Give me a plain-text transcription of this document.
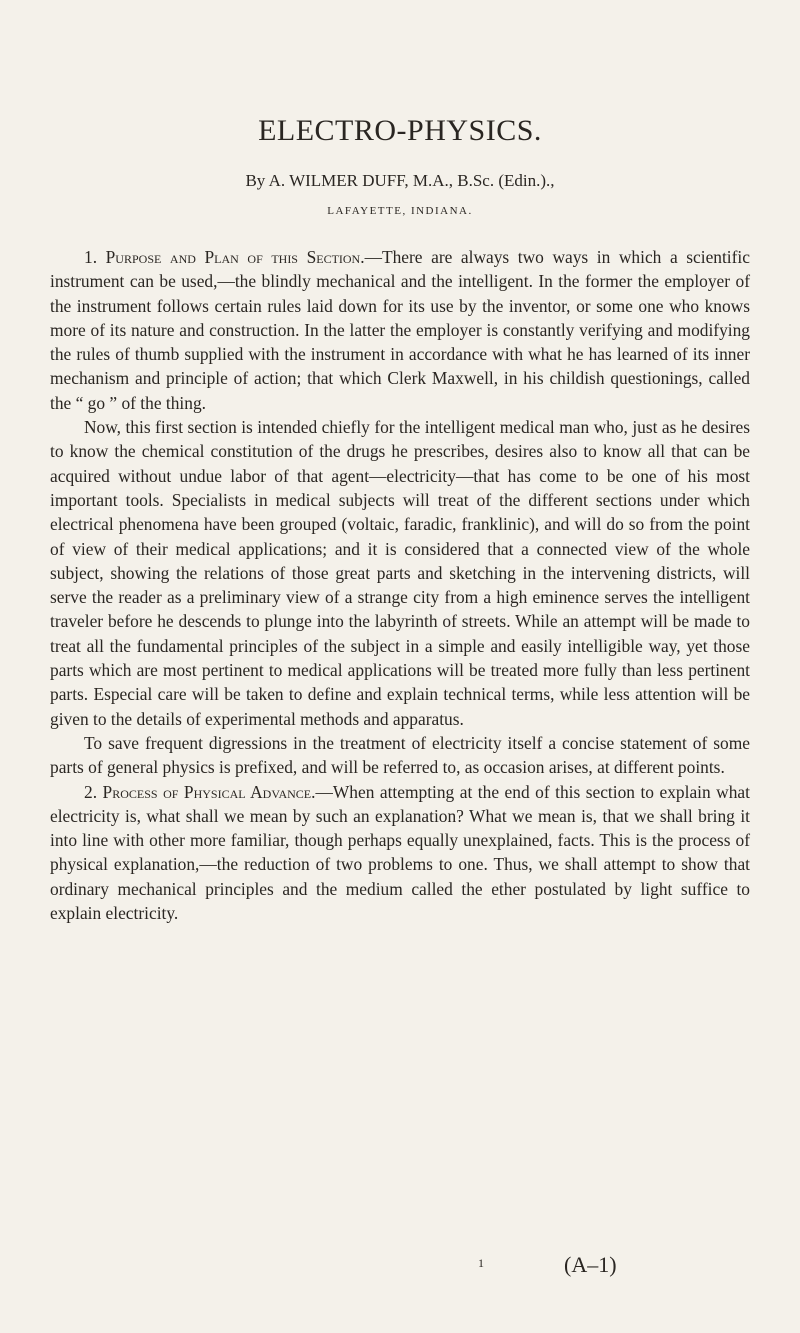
ELECTRO-PHYSICS.
By A. WILMER DUFF, M.A., B.Sc. (Edin.).,
LAFAYETTE, INDIANA.

1. Purpose and Plan of this Section.—There are always two ways in which a scientific instrument can be used,—the blindly mechanical and the intelligent. In the former the employer of the instrument follows certain rules laid down for its use by the inventor, or some one who knows more of its nature and construction. In the latter the employer is constantly verifying and modifying the rules of thumb supplied with the instrument in accordance with what he has learned of its inner mechanism and principle of action; that which Clerk Maxwell, in his childish questionings, called the “ go ” of the thing.

Now, this first section is intended chiefly for the intelligent medical man who, just as he desires to know the chemical constitution of the drugs he prescribes, desires also to know all that can be acquired without undue labor of that agent—electricity—that has come to be one of his most important tools. Specialists in medical subjects will treat of the different sections under which electrical phenomena have been grouped (voltaic, faradic, franklinic), and will do so from the point of view of their medical applications; and it is considered that a connected view of the whole subject, showing the relations of those great parts and sketching in the intervening districts, will serve the reader as a preliminary view of a strange city from a high eminence serves the intelligent traveler before he descends to plunge into the labyrinth of streets. While an attempt will be made to treat all the fundamental principles of the subject in a simple and easily intelligible way, yet those parts which are most pertinent to medical applications will be treated more fully than less pertinent parts. Especial care will be taken to define and explain technical terms, while less attention will be given to the details of experimental methods and apparatus.

To save frequent digressions in the treatment of electricity itself a concise statement of some parts of general physics is prefixed, and will be referred to, as occasion arises, at different points.

2. Process of Physical Advance.—When attempting at the end of this section to explain what electricity is, what shall we mean by such an explanation? What we mean is, that we shall bring it into line with other more familiar, though perhaps equally unexplained, facts. This is the process of physical explanation,—the reduction of two problems to one. Thus, we shall attempt to show that ordinary mechanical principles and the medium called the ether postulated by light suffice to explain electricity.

1	(A–1)
